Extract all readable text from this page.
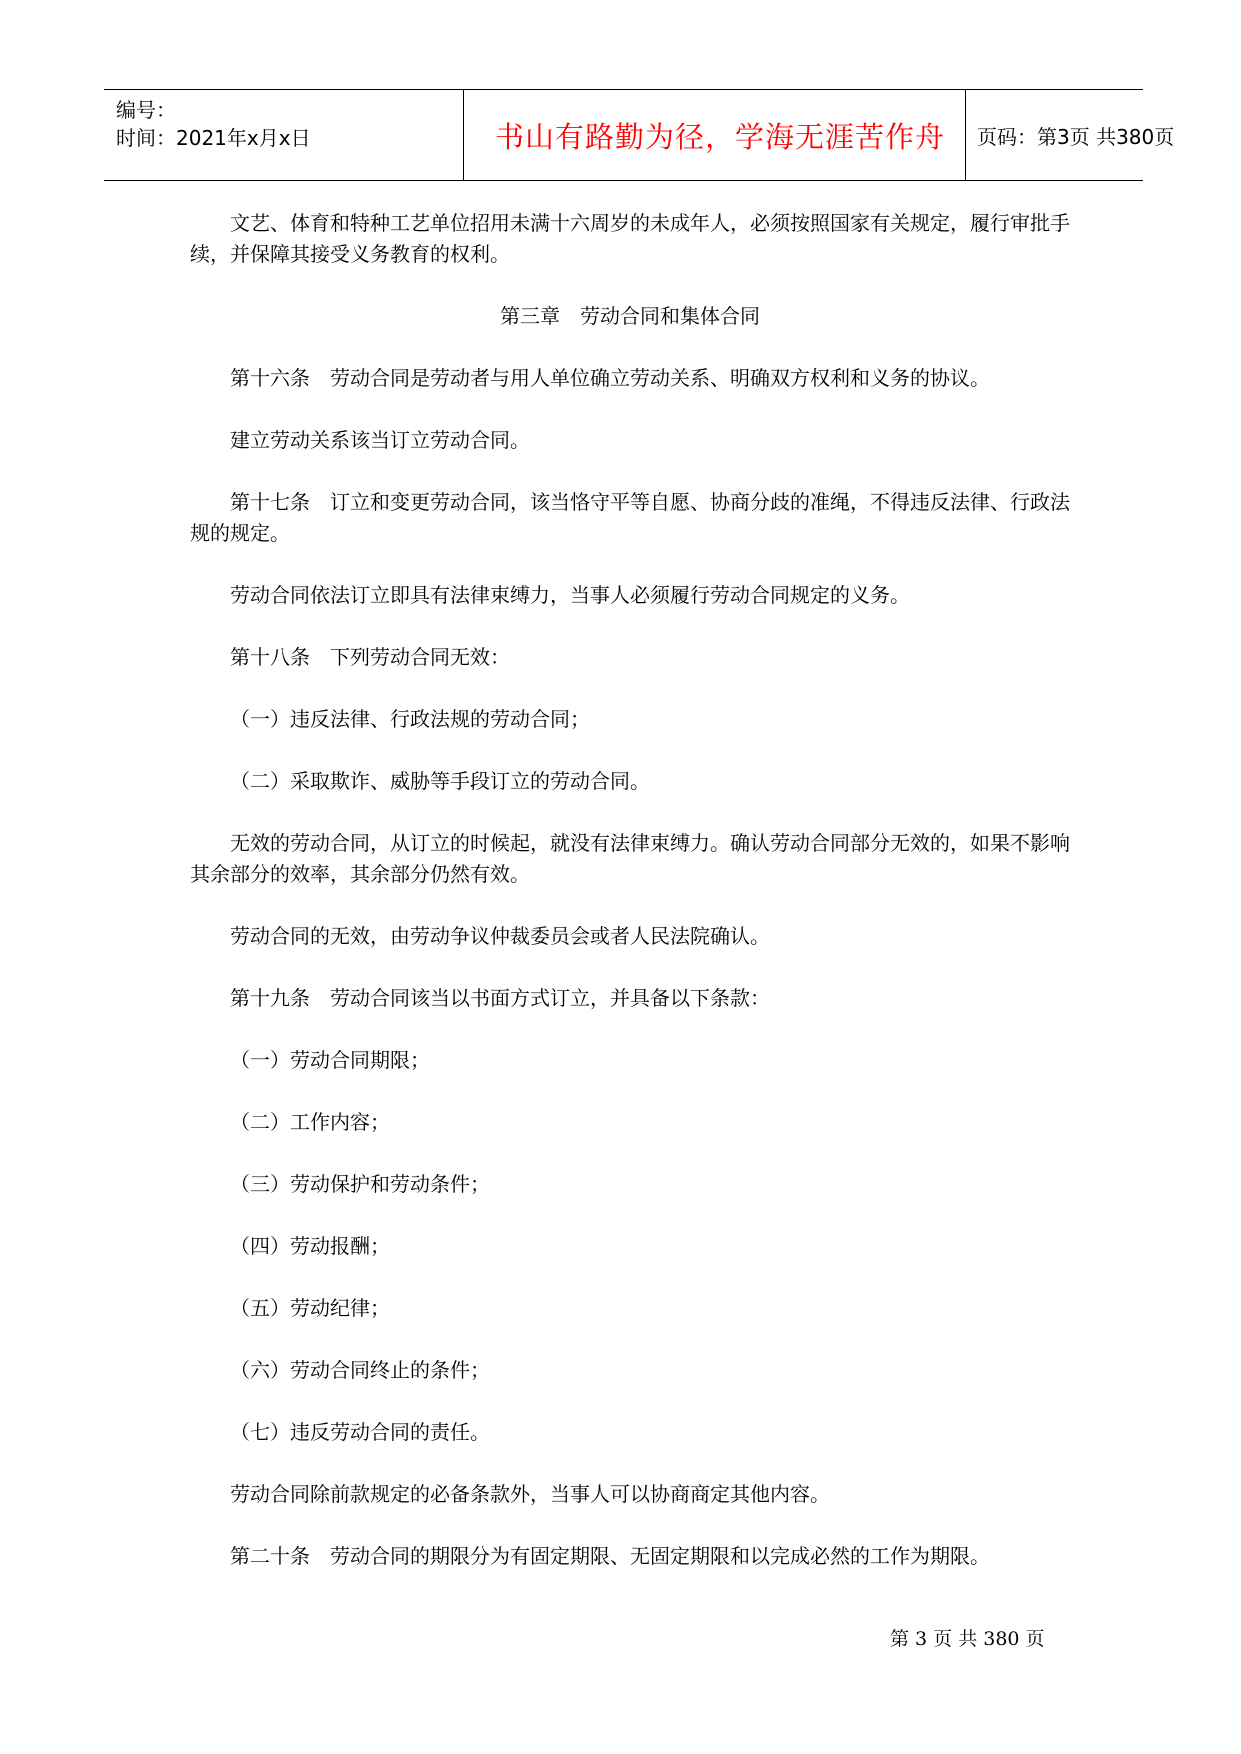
编号：
时间：2021年x月x日	书山有路勤为径，学海无涯苦作舟	页码：第3页 共380页

文艺、体育和特种工艺单位招用未满十六周岁的未成年人，必须按照国家有关规定，履行审批手续，并保障其接受义务教育的权利。

第三章　劳动合同和集体合同

第十六条　劳动合同是劳动者与用人单位确立劳动关系、明确双方权利和义务的协议。

建立劳动关系该当订立劳动合同。

第十七条　订立和变更劳动合同，该当恪守平等自愿、协商分歧的准绳，不得违反法律、行政法规的规定。

劳动合同依法订立即具有法律束缚力，当事人必须履行劳动合同规定的义务。

第十八条　下列劳动合同无效：

（一）违反法律、行政法规的劳动合同；

（二）采取欺诈、威胁等手段订立的劳动合同。

无效的劳动合同，从订立的时候起，就没有法律束缚力。确认劳动合同部分无效的，如果不影响其余部分的效率，其余部分仍然有效。

劳动合同的无效，由劳动争议仲裁委员会或者人民法院确认。

第十九条　劳动合同该当以书面方式订立，并具备以下条款：

（一）劳动合同期限；

（二）工作内容；

（三）劳动保护和劳动条件；

（四）劳动报酬；

（五）劳动纪律；

（六）劳动合同终止的条件；

（七）违反劳动合同的责任。

劳动合同除前款规定的必备条款外，当事人可以协商商定其他内容。

第二十条　劳动合同的期限分为有固定期限、无固定期限和以完成必然的工作为期限。

第 3 页 共 380 页
